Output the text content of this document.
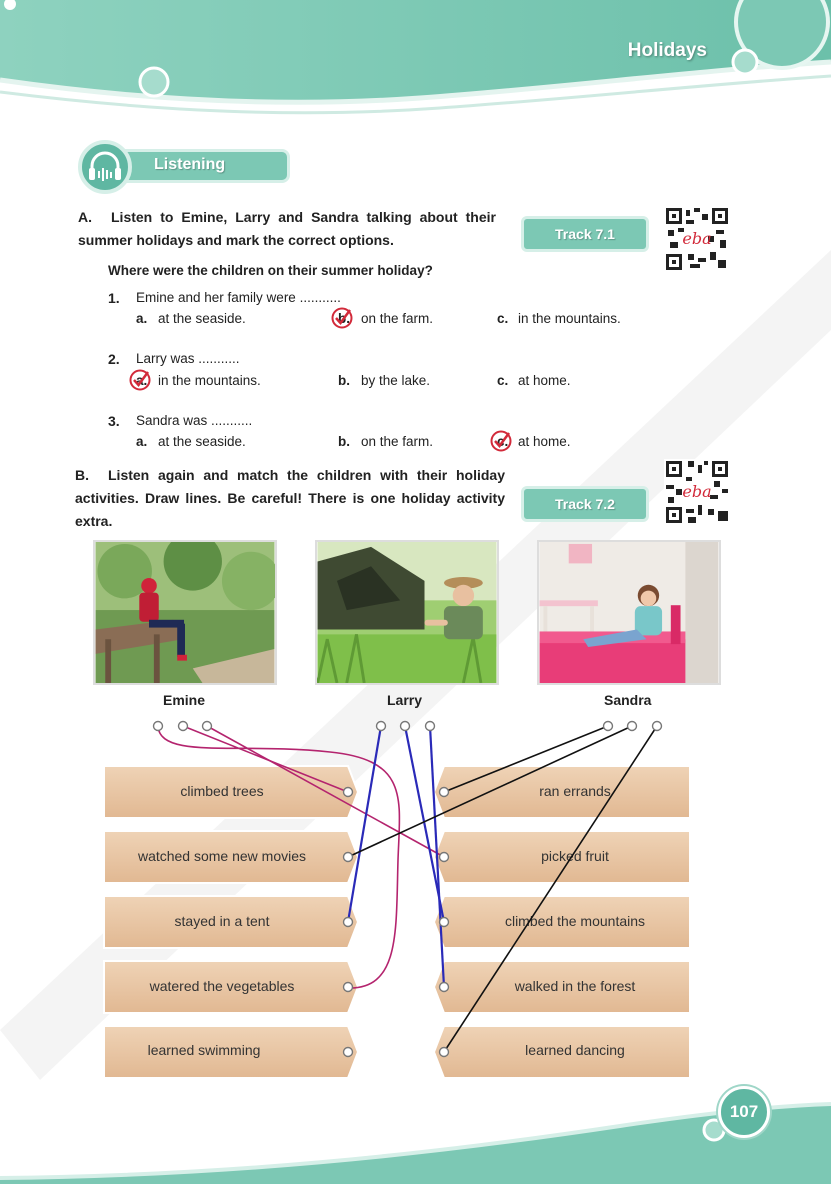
Holidays
Listening
A.	Listen to Emine, Larry and Sandra talking about their summer holidays and mark the correct options.	Track 7.1	eba
Where were the children on their summer holiday?
1. Emine and her family were ...........
a. at the seaside.	b. on the farm.	c. in the mountains.
2. Larry was ...........
a. in the mountains.	b. by the lake.	c. at home.
3. Sandra was ...........
a. at the seaside.	b. on the farm.	c. at home.
B. Listen again and match the children with their holiday
activities. Draw lines. Be careful! There is one holiday activity
extra.
Track 7.2
eba
Emine	Larry	Sandra
climbed trees
watched some new movies
stayed in a tent
watered the vegetables
learned swimming
ran errands
picked fruit
climbed the mountains
walked in the forest
learned dancing
107
